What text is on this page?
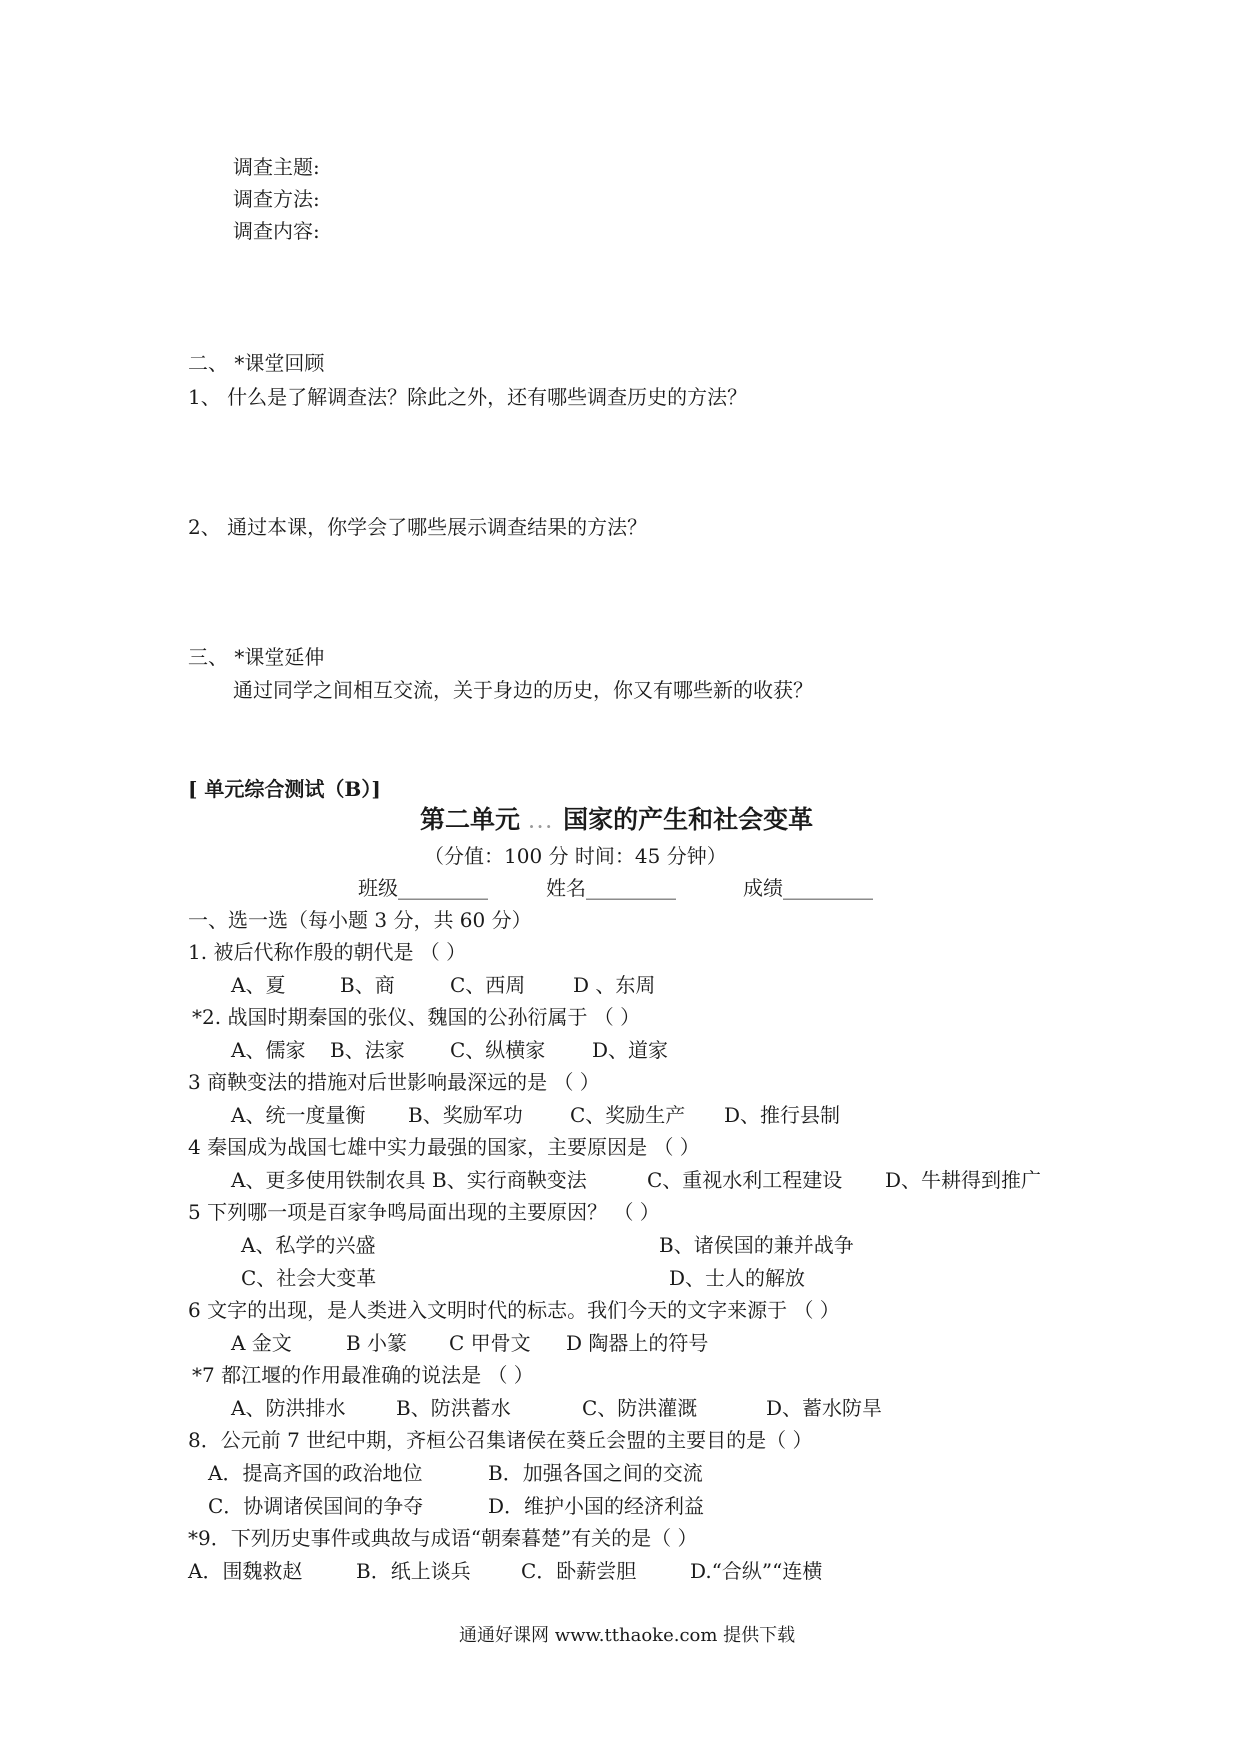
调查主题:
调查方法:
调查内容:
二、 *课堂回顾
1、 什么是了解调查法？除此之外，还有哪些调查历史的方法？
2、 通过本课，你学会了哪些展示调查结果的方法？
三、 *课堂延伸
通过同学之间相互交流，关于身边的历史，你又有哪些新的收获？
[ 单元综合测试（B）]
第二单元 ... 国家的产生和社会变革
（分值：100 分 时间：45 分钟）
班级_________	姓名_________	成绩_________
一、选一选（每小题 3 分，共 60 分）
1. 被后代称作殷的朝代是 （ ）
A、夏	B、商	C、西周 D 、东周
*2. 战国时期秦国的张仪、魏国的公孙衍属于 （ ）
A、儒家 B、法家 C、纵横家 D、道家
3 商鞅变法的措施对后世影响最深远的是 （ ）
A、统一度量衡 B、奖励军功 C、奖励生产 D、推行县制
4 秦国成为战国七雄中实力最强的国家，主要原因是 （ ）
A、更多使用铁制农具 B、实行商鞅变法	C、重视水利工程建设 D、牛耕得到推广
5 下列哪一项是百家争鸣局面出现的主要原因？ （ ）
A、私学的兴盛	B、诸侯国的兼并战争
C、社会大变革	D、士人的解放
6 文字的出现，是人类进入文明时代的标志。我们今天的文字来源于 （ ）
A 金文	B 小篆 C 甲骨文 D 陶器上的符号
*7 都江堰的作用最准确的说法是 （ ）
A、防洪排水	B、防洪蓄水	C、防洪灌溉	D、蓄水防旱
8．公元前 7 世纪中期，齐桓公召集诸侯在葵丘会盟的主要目的是（ ）
A．提高齐国的政治地位	B．加强各国之间的交流
C．协调诸侯国间的争夺	D．维护小国的经济利益
*9．下列历史事件或典故与成语“朝秦暮楚”有关的是（ ）
A．围魏救赵	B．纸上谈兵	C．卧薪尝胆	D.“合纵”“连横
通通好课网 www.tthaoke.com 提供下载
